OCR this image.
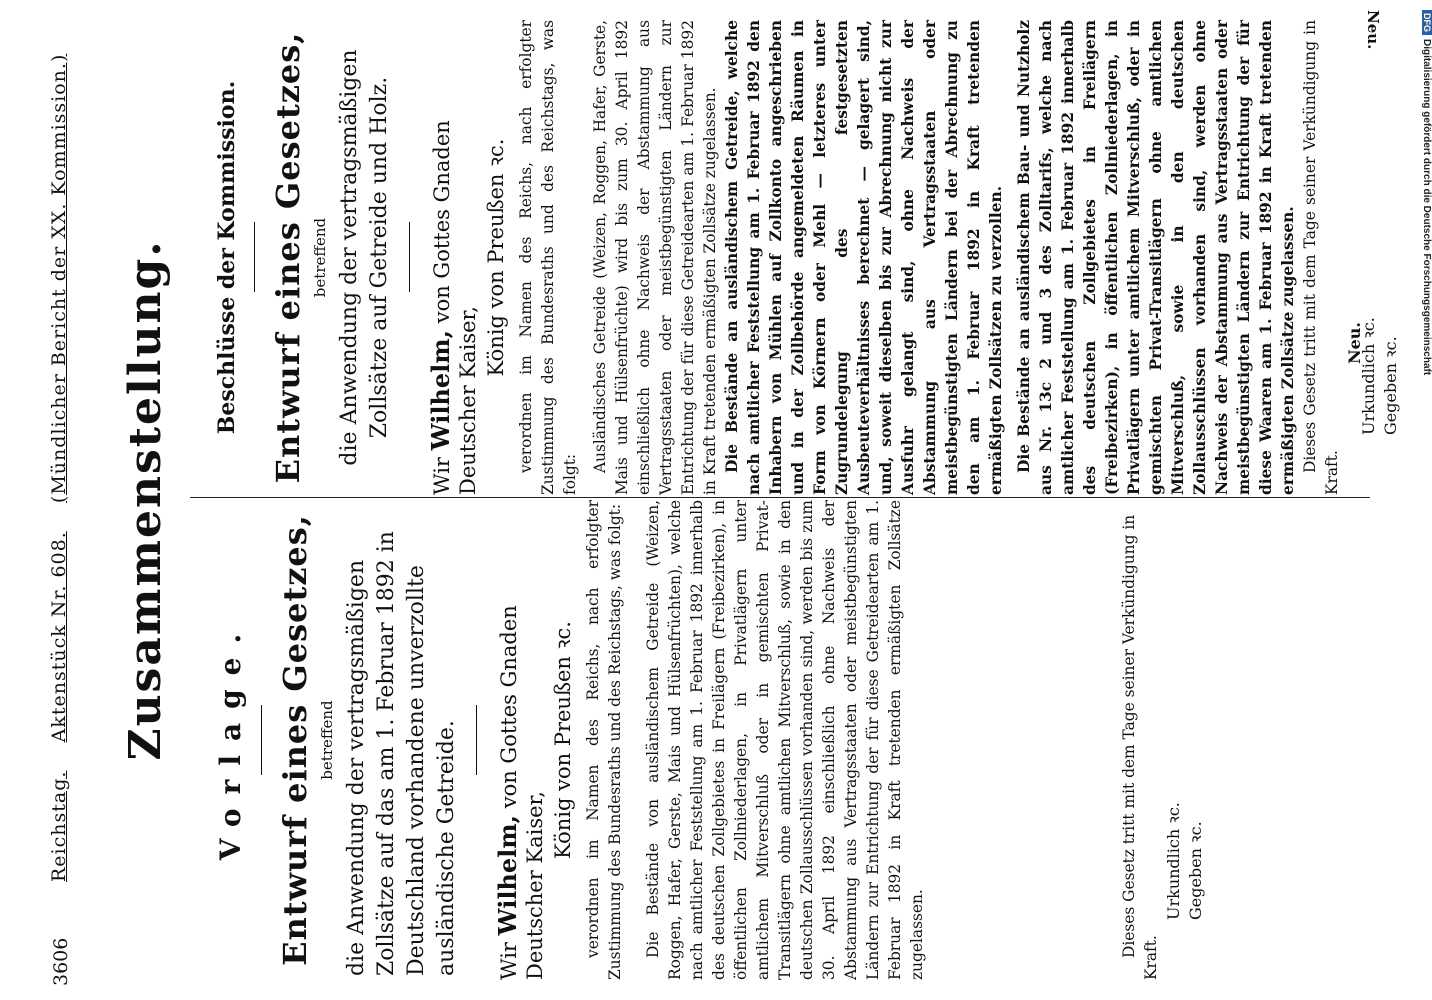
3606
Reichstag.    Aktenstück Nr. 608.    (Mündlicher Bericht der XX. Kommission.) Zusammenstellung. Vorlage. Entwurf eines Gesetzes, betreffend die Anwendung der vertragsmäßigen Zollsätze auf das am 1. Februar 1892 in Deutschland vorhandene unverzollte ausländische Getreide. Wir Wilhelm, von Gottes Gnaden Deutscher Kaiser,
König von Preußen ꝛc. verordnen im Namen des Reichs, nach erfolgter Zustimmung des Bundesraths und des Reichstags, was folgt: Die Bestände von ausländischem Getreide (Weizen, Roggen, Hafer, Gerste, Mais und Hülsenfrüchten), welche nach amtlicher Feststellung am 1. Februar 1892 innerhalb des deutschen Zollgebietes in Freilägern (Freibezirken), in öffentlichen Zollniederlagen, in Privatlägern unter amtlichem Mitverschluß oder in gemischten Privat-Transitlägern ohne amtlichen Mitverschluß, sowie in den deutschen Zollausschlüssen vorhanden sind, werden bis zum 30. April 1892 einschließlich ohne Nachweis der Abstammung aus Vertragsstaaten oder meistbegünstigten Ländern zur Entrichtung der für diese Getreidearten am 1. Februar 1892 in Kraft tretenden ermäßigten Zollsätze zugelassen.	Dieses Gesetz tritt mit dem Tage seiner Verkündigung in Kraft.

Urkundlich ꝛc. Gegeben ꝛc.
Beschlüsse der Kommission. Entwurf eines Gesetzes, betreffend die Anwendung der vertragsmäßigen Zollsätze auf Getreide und Holz.
Wir Wilhelm, von Gottes Gnaden Deutscher Kaiser,
König von Preußen ꝛc. verordnen im Namen des Reichs, nach erfolgter Zustimmung des Bundesraths und des Reichstags, was folgt:

Ausländisches Getreide (Weizen, Roggen, Hafer, Gerste, Mais und Hülsenfrüchte) wird bis zum 30. April 1892 einschließlich ohne Nachweis der Abstammung aus Vertragsstaaten oder meistbegünstigten Ländern zur Entrichtung der für diese Getreidearten am 1. Februar 1892 in Kraft tretenden ermäßigten Zollsätze zugelassen. Die Bestände an ausländischem Getreide, welche nach amtlicher Feststellung am 1. Februar 1892 den Inhabern von Mühlen auf Zollkonto angeschrieben und in der Zollbehörde angemeldeten Räumen in Form von Körnern oder Mehl — letzteres unter Zugrundelegung des festgesetzten Ausbeuteverhältnisses berechnet — gelagert sind, und, soweit dieselben bis zur Abrechnung nicht zur Ausfuhr gelangt sind, ohne Nachweis der Abstammung aus Vertragsstaaten oder meistbegünstigten Ländern bei der Abrechnung zu den am 1. Februar 1892 in Kraft tretenden ermäßigten Zollsätzen zu verzollen. Die Bestände an ausländischem Bau- und Nutzholz aus Nr. 13c 2 und 3 des Zolltarifs, welche nach amtlicher Feststellung am 1. Februar 1892 innerhalb des deutschen Zollgebietes in Freilägern (Freibezirken), in öffentlichen Zollniederlagen, in Privatlägern unter amtlichem Mitverschluß, oder in gemischten Privat-Transitlägern ohne amtlichen Mitverschluß, sowie in den deutschen Zollausschlüssen vorhanden sind, werden ohne Nachweis der Abstammung aus Vertragsstaaten oder meistbegünstigten Ländern zur Entrichtung der für diese Waaren am 1. Februar 1892 in Kraft tretenden ermäßigten Zollsätze zugelassen. Dieses Gesetz tritt mit dem Tage seiner Verkündigung in Kraft.

Urkundlich ꝛc. Gegeben ꝛc.
Neu.
Neu.	DFGDigitalisierung gefördert durch die Deutsche Forschungsgemeinschaft
